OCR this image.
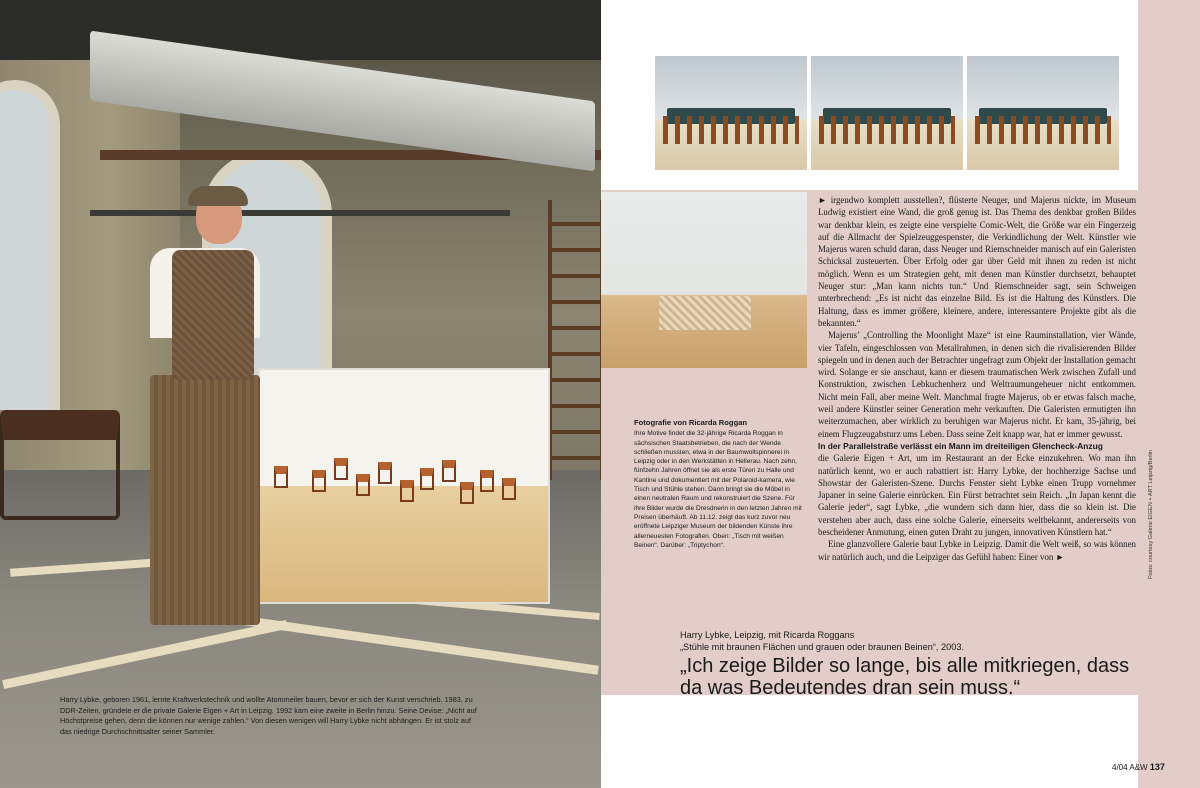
Harry Lybke, geboren 1961, lernte Kraftwerkstechnik und wollte Atommeiler bauen, bevor er sich der Kunst verschrieb. 1983, zu DDR-Zeiten, gründete er die private Galerie Eigen + Art in Leipzig. 1992 kam eine zweite in Berlin hinzu. Seine Devise: „Nicht auf Höchstpreise gehen, denn die können nur wenige zahlen.“ Von diesen wenigen will Harry Lybke nicht abhängen. Er ist stolz auf das niedrige Durchschnittsalter seiner Sammler.
Fotografie von Ricarda Roggan
Ihre Motive findet die 32-jährige Ricarda Roggan in sächsischen Staatsbetrieben, die nach der Wende schließen mussten, etwa in der Baumwollspinnerei in Leipzig oder in den Werkstätten in Hellerau. Nach zehn, fünfzehn Jahren öffnet sie als erste Türen zu Halle und Kantine und dokumentiert mit der Polaroid-kamera, wie Tisch und Stühle stehen. Dann bringt sie die Möbel in einen neutralen Raum und rekonstruiert die Szene. Für ihre Bilder wurde die Dresdnerin in den letzten Jahren mit Preisen überhäuft. Ab 11.12. zeigt das kurz zuvor neu eröffnete Leipziger Museum der bildenden Künste ihre allerneuesten Fotografien. Oben: „Tisch mit weißen Beinen“. Darüber: „Triptychon“.

► irgendwo komplett ausstellen?, flüsterte Neuger, und Majerus nickte, im Museum Ludwig existiert eine Wand, die groß genug ist. Das Thema des denkbar großen Bildes war denkbar klein, es zeigte eine verspielte Comic-Welt, die Größe war ein Fingerzeig auf die Allmacht der Spielzeuggespenster, die Verkindlichung der Welt. Künstler wie Majerus waren schuld daran, dass Neuger und Riemschneider manisch auf ein Galeristen Schicksal zusteuerten. Über Erfolg oder gar über Geld mit ihnen zu reden ist nicht möglich. Wenn es um Strategien geht, mit denen man Künstler durchsetzt, behauptet Neuger stur: „Man kann nichts tun.“ Und Riemschneider sagt, sein Schweigen unterbrechend: „Es ist nicht das einzelne Bild. Es ist die Haltung des Künstlers. Die Haltung, dass es immer größere, kleinere, andere, interessantere Projekte gibt als die bekannten.“

Majerus’ „Controlling the Moonlight Maze“ ist eine Rauminstallation, vier Wände, vier Tafeln, eingeschlossen von Metallrahmen, in denen sich die rivalisierenden Bilder spiegeln und in denen auch der Betrachter ungefragt zum Objekt der Installation gemacht wird. Solange er sie anschaut, kann er diesem traumatischen Werk zwischen Zufall und Konstruktion, zwischen Lebkuchenherz und Weltraumungeheuer nicht entkommen. Nicht mein Fall, aber meine Welt. Manchmal fragte Majerus, ob er etwas falsch mache, weil andere Künstler seiner Generation mehr verkauften. Die Galeristen ermutigten ihn weiterzumachen, aber wirklich zu beruhigen war Majerus nicht. Er kam, 35-jährig, bei einem Flugzeugabsturz ums Leben. Dass seine Zeit knapp war, hat er immer gewusst.

In der Parallelstraße verlässt ein Mann im dreiteiligen Glencheck-Anzug

die Galerie Eigen + Art, um im Restaurant an der Ecke einzukehren. Wo man ihn natürlich kennt, wo er auch rabattiert ist: Harry Lybke, der hochherzige Sachse und Showstar der Galeristen-Szene. Durchs Fenster sieht Lybke einen Trupp vornehmer Japaner in seine Galerie einrücken. Ein Fürst betrachtet sein Reich. „In Japan kennt die Galerie jeder“, sagt Lybke, „die wundern sich dann hier, dass die so klein ist. Die verstehen aber auch, dass eine solche Galerie, einerseits weltbekannt, andererseits von bescheidener Anmutung, einen guten Draht zu jungen, innovativen Künstlern hat.“

Eine glanzvollere Galerie baut Lybke in Leipzig. Damit die Welt weiß, so was können wir natürlich auch, und die Leipziger das Gefühl haben: Einer von ►

Harry Lybke, Leipzig, mit Ricarda Roggans
„Stühle mit braunen Flächen und grauen oder braunen Beinen“, 2003.
„Ich zeige Bilder so lange, bis alle mitkriegen, dass da was Bedeutendes dran sein muss.“
Fotos: courtesy Galerie EIGEN + ART Leipzig/Berlin
4/04 A&W 137
